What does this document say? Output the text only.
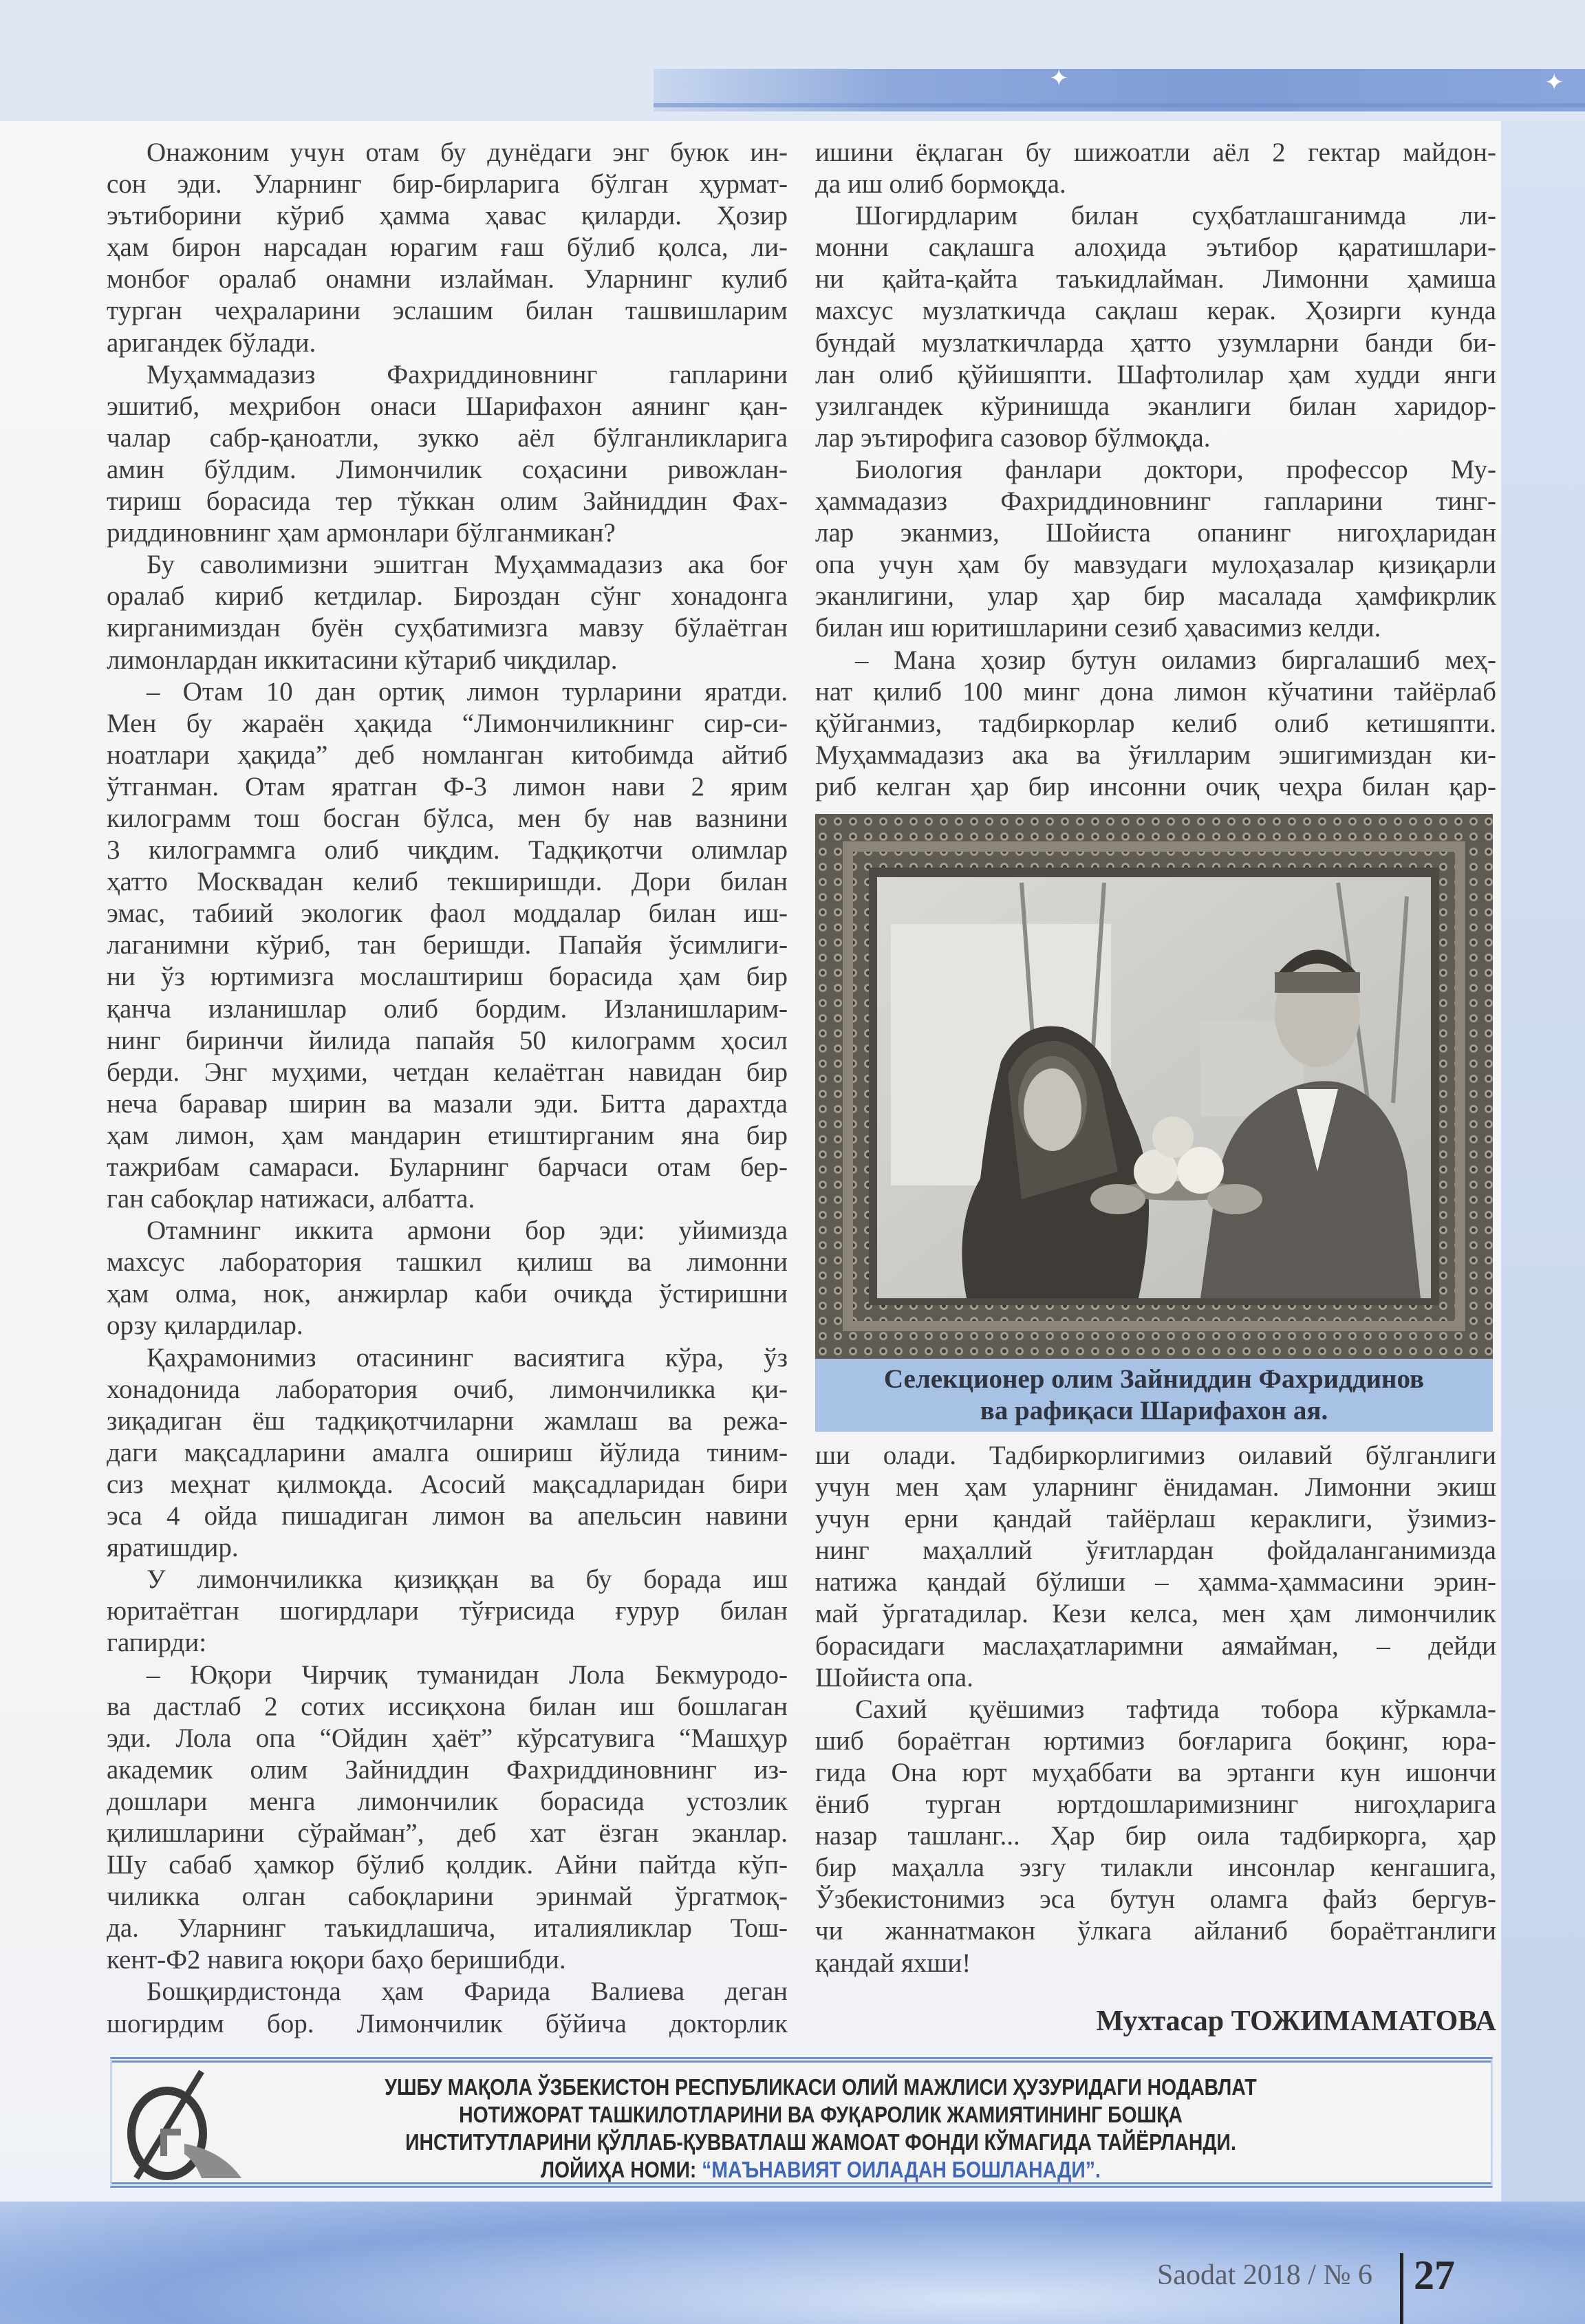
✦	✦
Онажоним учун отам бу дунёдаги энг буюк ин-
сон эди. Уларнинг бир-бирларига бўлган ҳурмат-
эътиборини кўриб ҳамма ҳавас қиларди. Ҳозир
ҳам бирон нарсадан юрагим ғаш бўлиб қолса, ли-
монбоғ оралаб онамни излайман. Уларнинг кулиб
турган чеҳраларини эслашим билан ташвишларим
аригандек бўлади.
Муҳаммадазиз Фахриддиновнинг гапларини
эшитиб, меҳрибон онаси Шарифахон аянинг қан-
чалар сабр-қаноатли, зукко аёл бўлганликларига
амин бўлдим. Лимончилик соҳасини ривожлан-
тириш борасида тер тўккан олим Зайниддин Фах-
риддиновнинг ҳам армонлари бўлганмикан?
Бу саволимизни эшитган Муҳаммадазиз ака боғ
оралаб кириб кетдилар. Бироздан сўнг хонадонга
кирганимиздан буён суҳбатимизга мавзу бўлаётган
лимонлардан иккитасини кўтариб чиқдилар.
– Отам 10 дан ортиқ лимон турларини яратди.
Мен бу жараён ҳақида “Лимончиликнинг сир-си-
ноатлари ҳақида” деб номланган китобимда айтиб
ўтганман. Отам яратган Ф-3 лимон нави 2 ярим
килограмм тош босган бўлса, мен бу нав вазнини
3 килограммга олиб чиқдим. Тадқиқотчи олимлар
ҳатто Москвадан келиб текширишди. Дори билан
эмас, табиий экологик фаол моддалар билан иш-
лаганимни кўриб, тан беришди. Папайя ўсимлиги-
ни ўз юртимизга мослаштириш борасида ҳам бир
қанча изланишлар олиб бордим. Изланишларим-
нинг биринчи йилида папайя 50 килограмм ҳосил
берди. Энг муҳими, четдан келаётган навидан бир
неча баравар ширин ва мазали эди. Битта дарахтда
ҳам лимон, ҳам мандарин етиштирганим яна бир
тажрибам самараси. Буларнинг барчаси отам бер-
ган сабоқлар натижаси, албатта.
Отамнинг иккита армони бор эди: уйимизда
махсус лаборатория ташкил қилиш ва лимонни
ҳам олма, нок, анжирлар каби очиқда ўстиришни
орзу қилардилар.
Қаҳрамонимиз отасининг васиятига кўра, ўз
хонадонида лаборатория очиб, лимончиликка қи-
зиқадиган ёш тадқиқотчиларни жамлаш ва режа-
даги мақсадларини амалга ошириш йўлида тиним-
сиз меҳнат қилмоқда. Асосий мақсадларидан бири
эса 4 ойда пишадиган лимон ва апельсин навини
яратишдир.
У лимончиликка қизиққан ва бу борада иш
юритаётган шогирдлари тўғрисида ғурур билан
гапирди:
– Юқори Чирчиқ туманидан Лола Бекмуродо-
ва дастлаб 2 сотих иссиқхона билан иш бошлаган
эди. Лола опа “Ойдин ҳаёт” кўрсатувига “Машҳур
академик олим Зайниддин Фахриддиновнинг из-
дошлари менга лимончилик борасида устозлик
қилишларини сўрайман”, деб хат ёзган эканлар.
Шу сабаб ҳамкор бўлиб қолдик. Айни пайтда кўп-
чиликка олган сабоқларини эринмай ўргатмоқ-
да. Уларнинг таъкидлашича, италияликлар Тош-
кент-Ф2 навига юқори баҳо беришибди.
Бошқирдистонда ҳам Фарида Валиева деган
шогирдим бор. Лимончилик бўйича докторлик
ишини ёқлаган бу шижоатли аёл 2 гектар майдон-
да иш олиб бормоқда.
Шогирдларим билан суҳбатлашганимда ли-
монни сақлашга алоҳида эътибор қаратишлари-
ни қайта-қайта таъкидлайман. Лимонни ҳамиша
махсус музлаткичда сақлаш керак. Ҳозирги кунда
бундай музлаткичларда ҳатто узумларни банди би-
лан олиб қўйишяпти. Шафтолилар ҳам худди янги
узилгандек кўринишда эканлиги билан харидор-
лар эътирофига сазовор бўлмоқда.
Биология фанлари доктори, профессор Му-
ҳаммадазиз Фахриддиновнинг гапларини тинг-
лар эканмиз, Шойиста опанинг нигоҳларидан
опа учун ҳам бу мавзудаги мулоҳазалар қизиқарли
эканлигини, улар ҳар бир масалада ҳамфикрлик
билан иш юритишларини сезиб ҳавасимиз келди.
– Мана ҳозир бутун оиламиз биргалашиб меҳ-
нат қилиб 100 минг дона лимон кўчатини тайёрлаб
қўйганмиз, тадбиркорлар келиб олиб кетишяпти.
Муҳаммадазиз ака ва ўғилларим эшигимиздан ки-
риб келган ҳар бир инсонни очиқ чеҳра билан қар-
Селекционер олим Зайниддин Фахриддинов
ва рафиқаси Шарифахон ая.
ши олади. Тадбиркорлигимиз оилавий бўлганлиги
учун мен ҳам уларнинг ёнидаман. Лимонни экиш
учун ерни қандай тайёрлаш кераклиги, ўзимиз-
нинг маҳаллий ўғитлардан фойдаланганимизда
натижа қандай бўлиши – ҳамма-ҳаммасини эрин-
май ўргатадилар. Кези келса, мен ҳам лимончилик
борасидаги маслаҳатларимни аямайман, – дейди
Шойиста опа.
Сахий қуёшимиз тафтида тобора кўркамла-
шиб бораётган юртимиз боғларига боқинг, юра-
гида Она юрт муҳаббати ва эртанги кун ишончи
ёниб турган юртдошларимизнинг нигоҳларига
назар ташланг... Ҳар бир оила тадбиркорга, ҳар
бир маҳалла эзгу тилакли инсонлар кенгашига,
Ўзбекистонимиз эса бутун оламга файз бергув-
чи жаннатмакон ўлкага айланиб бораётганлиги
қандай яхши!
Мухтасар ТОЖИМАМАТОВА
УШБУ МАҚОЛА ЎЗБЕКИСТОН РЕСПУБЛИКАСИ ОЛИЙ МАЖЛИСИ ҲУЗУРИДАГИ НОДАВЛАТ
НОТИЖОРАТ ТАШКИЛОТЛАРИНИ ВА ФУҚАРОЛИК ЖАМИЯТИНИНГ БОШҚА
ИНСТИТУТЛАРИНИ ҚЎЛЛАБ-ҚУВВАТЛАШ ЖАМОАТ ФОНДИ КЎМАГИДА ТАЙЁРЛАНДИ.
ЛОЙИҲА НОМИ: “МАЪНАВИЯТ ОИЛАДАН БОШЛАНАДИ”.
Saodat 2018 / № 6 27
